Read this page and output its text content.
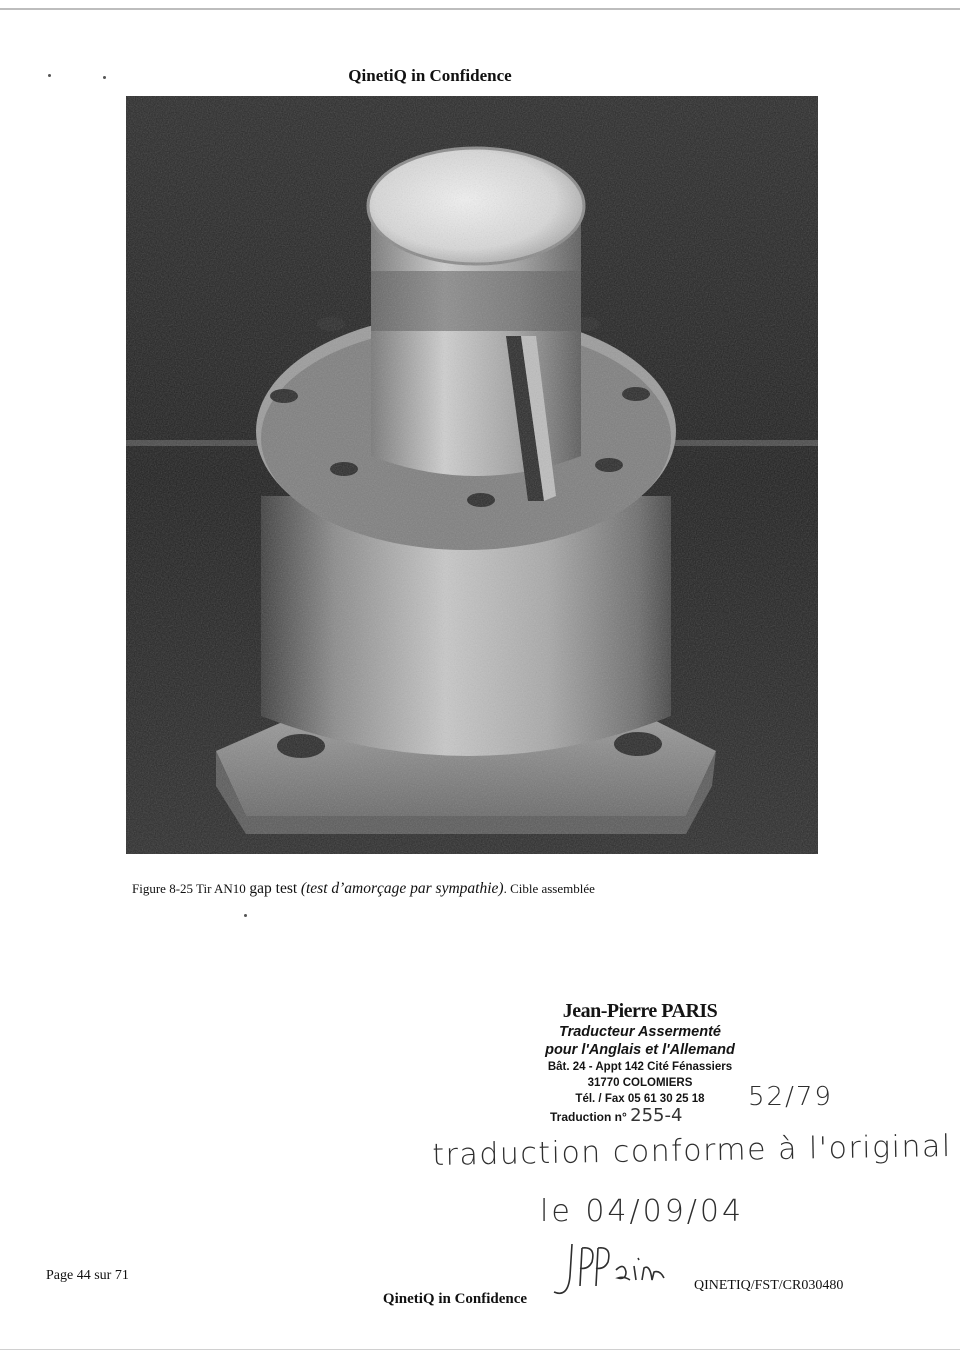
QinetiQ in Confidence
Figure 8-25 Tir AN10 gap test (test d’amorçage par sympathie). Cible assemblée
Jean-Pierre PARIS
Traducteur Assermenté
pour l'Anglais et l'Allemand
Bât. 24 - Appt 142 Cité Fénassiers
31770 COLOMIERS
Tél. / Fax 05 61 30 25 18
Traduction n° 255-4
52/79
traduction conforme à l'original
le 04/09/04
Page 44 sur 71
QINETIQ/FST/CR030480
QinetiQ in Confidence
